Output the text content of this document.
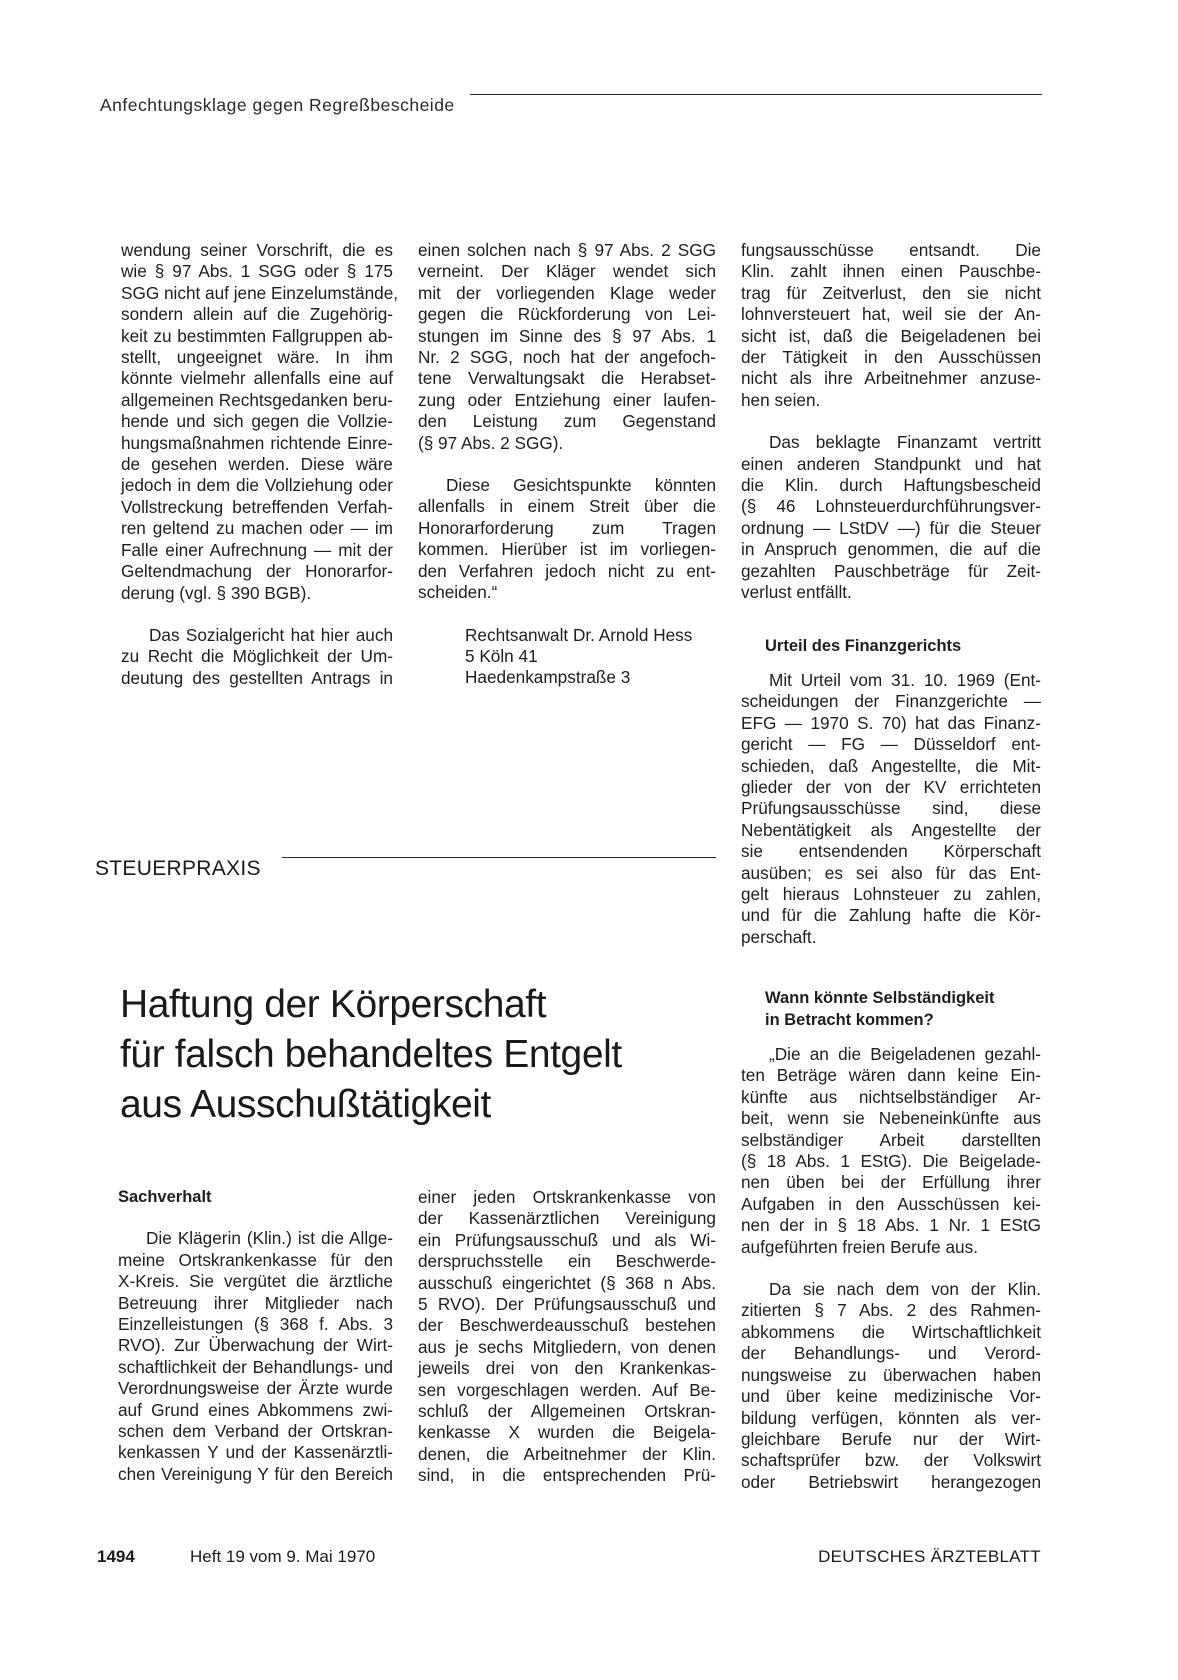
Anfechtungsklage gegen Regreßbescheide
wendung seiner Vorschrift, die es
wie § 97 Abs. 1 SGG oder § 175
SGG nicht auf jene Einzelumstände,
sondern allein auf die Zugehörig-
keit zu bestimmten Fallgruppen ab-
stellt, ungeeignet wäre. In ihm
könnte vielmehr allenfalls eine auf
allgemeinen Rechtsgedanken beru-
hende und sich gegen die Vollzie-
hungsmaßnahmen richtende Einre-
de gesehen werden. Diese wäre
jedoch in dem die Vollziehung oder
Vollstreckung betreffenden Verfah-
ren geltend zu machen oder — im
Falle einer Aufrechnung — mit der
Geltendmachung der Honorarfor-
derung (vgl. § 390 BGB).
Das Sozialgericht hat hier auch
zu Recht die Möglichkeit der Um-
deutung des gestellten Antrags in
einen solchen nach § 97 Abs. 2 SGG
verneint. Der Kläger wendet sich
mit der vorliegenden Klage weder
gegen die Rückforderung von Lei-
stungen im Sinne des § 97 Abs. 1
Nr. 2 SGG, noch hat der angefoch-
tene Verwaltungsakt die Herabset-
zung oder Entziehung einer laufen-
den Leistung zum Gegenstand
(§ 97 Abs. 2 SGG).
Diese Gesichtspunkte könnten
allenfalls in einem Streit über die
Honorarforderung zum Tragen
kommen. Hierüber ist im vorliegen-
den Verfahren jedoch nicht zu ent-
scheiden.“
Rechtsanwalt Dr. Arnold Hess
5 Köln 41
Haedenkampstraße 3
fungsausschüsse entsandt. Die
Klin. zahlt ihnen einen Pauschbe-
trag für Zeitverlust, den sie nicht
lohnversteuert hat, weil sie der An-
sicht ist, daß die Beigeladenen bei
der Tätigkeit in den Ausschüssen
nicht als ihre Arbeitnehmer anzuse-
hen seien.
Das beklagte Finanzamt vertritt
einen anderen Standpunkt und hat
die Klin. durch Haftungsbescheid
(§ 46 Lohnsteuerdurchführungsver-
ordnung — LStDV —) für die Steuer
in Anspruch genommen, die auf die
gezahlten Pauschbeträge für Zeit-
verlust entfällt.
Urteil des Finanzgerichts
Mit Urteil vom 31. 10. 1969 (Ent-
scheidungen der Finanzgerichte —
EFG — 1970 S. 70) hat das Finanz-
gericht — FG — Düsseldorf ent-
schieden, daß Angestellte, die Mit-
glieder der von der KV errichteten
Prüfungsausschüsse sind, diese
Nebentätigkeit als Angestellte der
sie entsendenden Körperschaft
ausüben; es sei also für das Ent-
gelt hieraus Lohnsteuer zu zahlen,
und für die Zahlung hafte die Kör-
perschaft.
Wann könnte Selbständigkeit
in Betracht kommen?
„Die an die Beigeladenen gezahl-
ten Beträge wären dann keine Ein-
künfte aus nichtselbständiger Ar-
beit, wenn sie Nebeneinkünfte aus
selbständiger Arbeit darstellten
(§ 18 Abs. 1 EStG). Die Beigelade-
nen üben bei der Erfüllung ihrer
Aufgaben in den Ausschüssen kei-
nen der in § 18 Abs. 1 Nr. 1 EStG
aufgeführten freien Berufe aus.
Da sie nach dem von der Klin.
zitierten § 7 Abs. 2 des Rahmen-
abkommens die Wirtschaftlichkeit
der Behandlungs- und Verord-
nungsweise zu überwachen haben
und über keine medizinische Vor-
bildung verfügen, könnten als ver-
gleichbare Berufe nur der Wirt-
schaftsprüfer bzw. der Volkswirt
oder Betriebswirt herangezogen
STEUERPRAXIS
Haftung der Körperschaft
für falsch behandeltes Entgelt
aus Ausschußtätigkeit
Sachverhalt
Die Klägerin (Klin.) ist die Allge-
meine Ortskrankenkasse für den
X-Kreis. Sie vergütet die ärztliche
Betreuung ihrer Mitglieder nach
Einzelleistungen (§ 368 f. Abs. 3
RVO). Zur Überwachung der Wirt-
schaftlichkeit der Behandlungs- und
Verordnungsweise der Ärzte wurde
auf Grund eines Abkommens zwi-
schen dem Verband der Ortskran-
kenkassen Y und der Kassenärztli-
chen Vereinigung Y für den Bereich
einer jeden Ortskrankenkasse von
der Kassenärztlichen Vereinigung
ein Prüfungsausschuß und als Wi-
derspruchsstelle ein Beschwerde-
ausschuß eingerichtet (§ 368 n Abs.
5 RVO). Der Prüfungsausschuß und
der Beschwerdeausschuß bestehen
aus je sechs Mitgliedern, von denen
jeweils drei von den Krankenkas-
sen vorgeschlagen werden. Auf Be-
schluß der Allgemeinen Ortskran-
kenkasse X wurden die Beigela-
denen, die Arbeitnehmer der Klin.
sind, in die entsprechenden Prü-
1494	Heft 19 vom 9. Mai 1970	DEUTSCHES ÄRZTEBLATT
